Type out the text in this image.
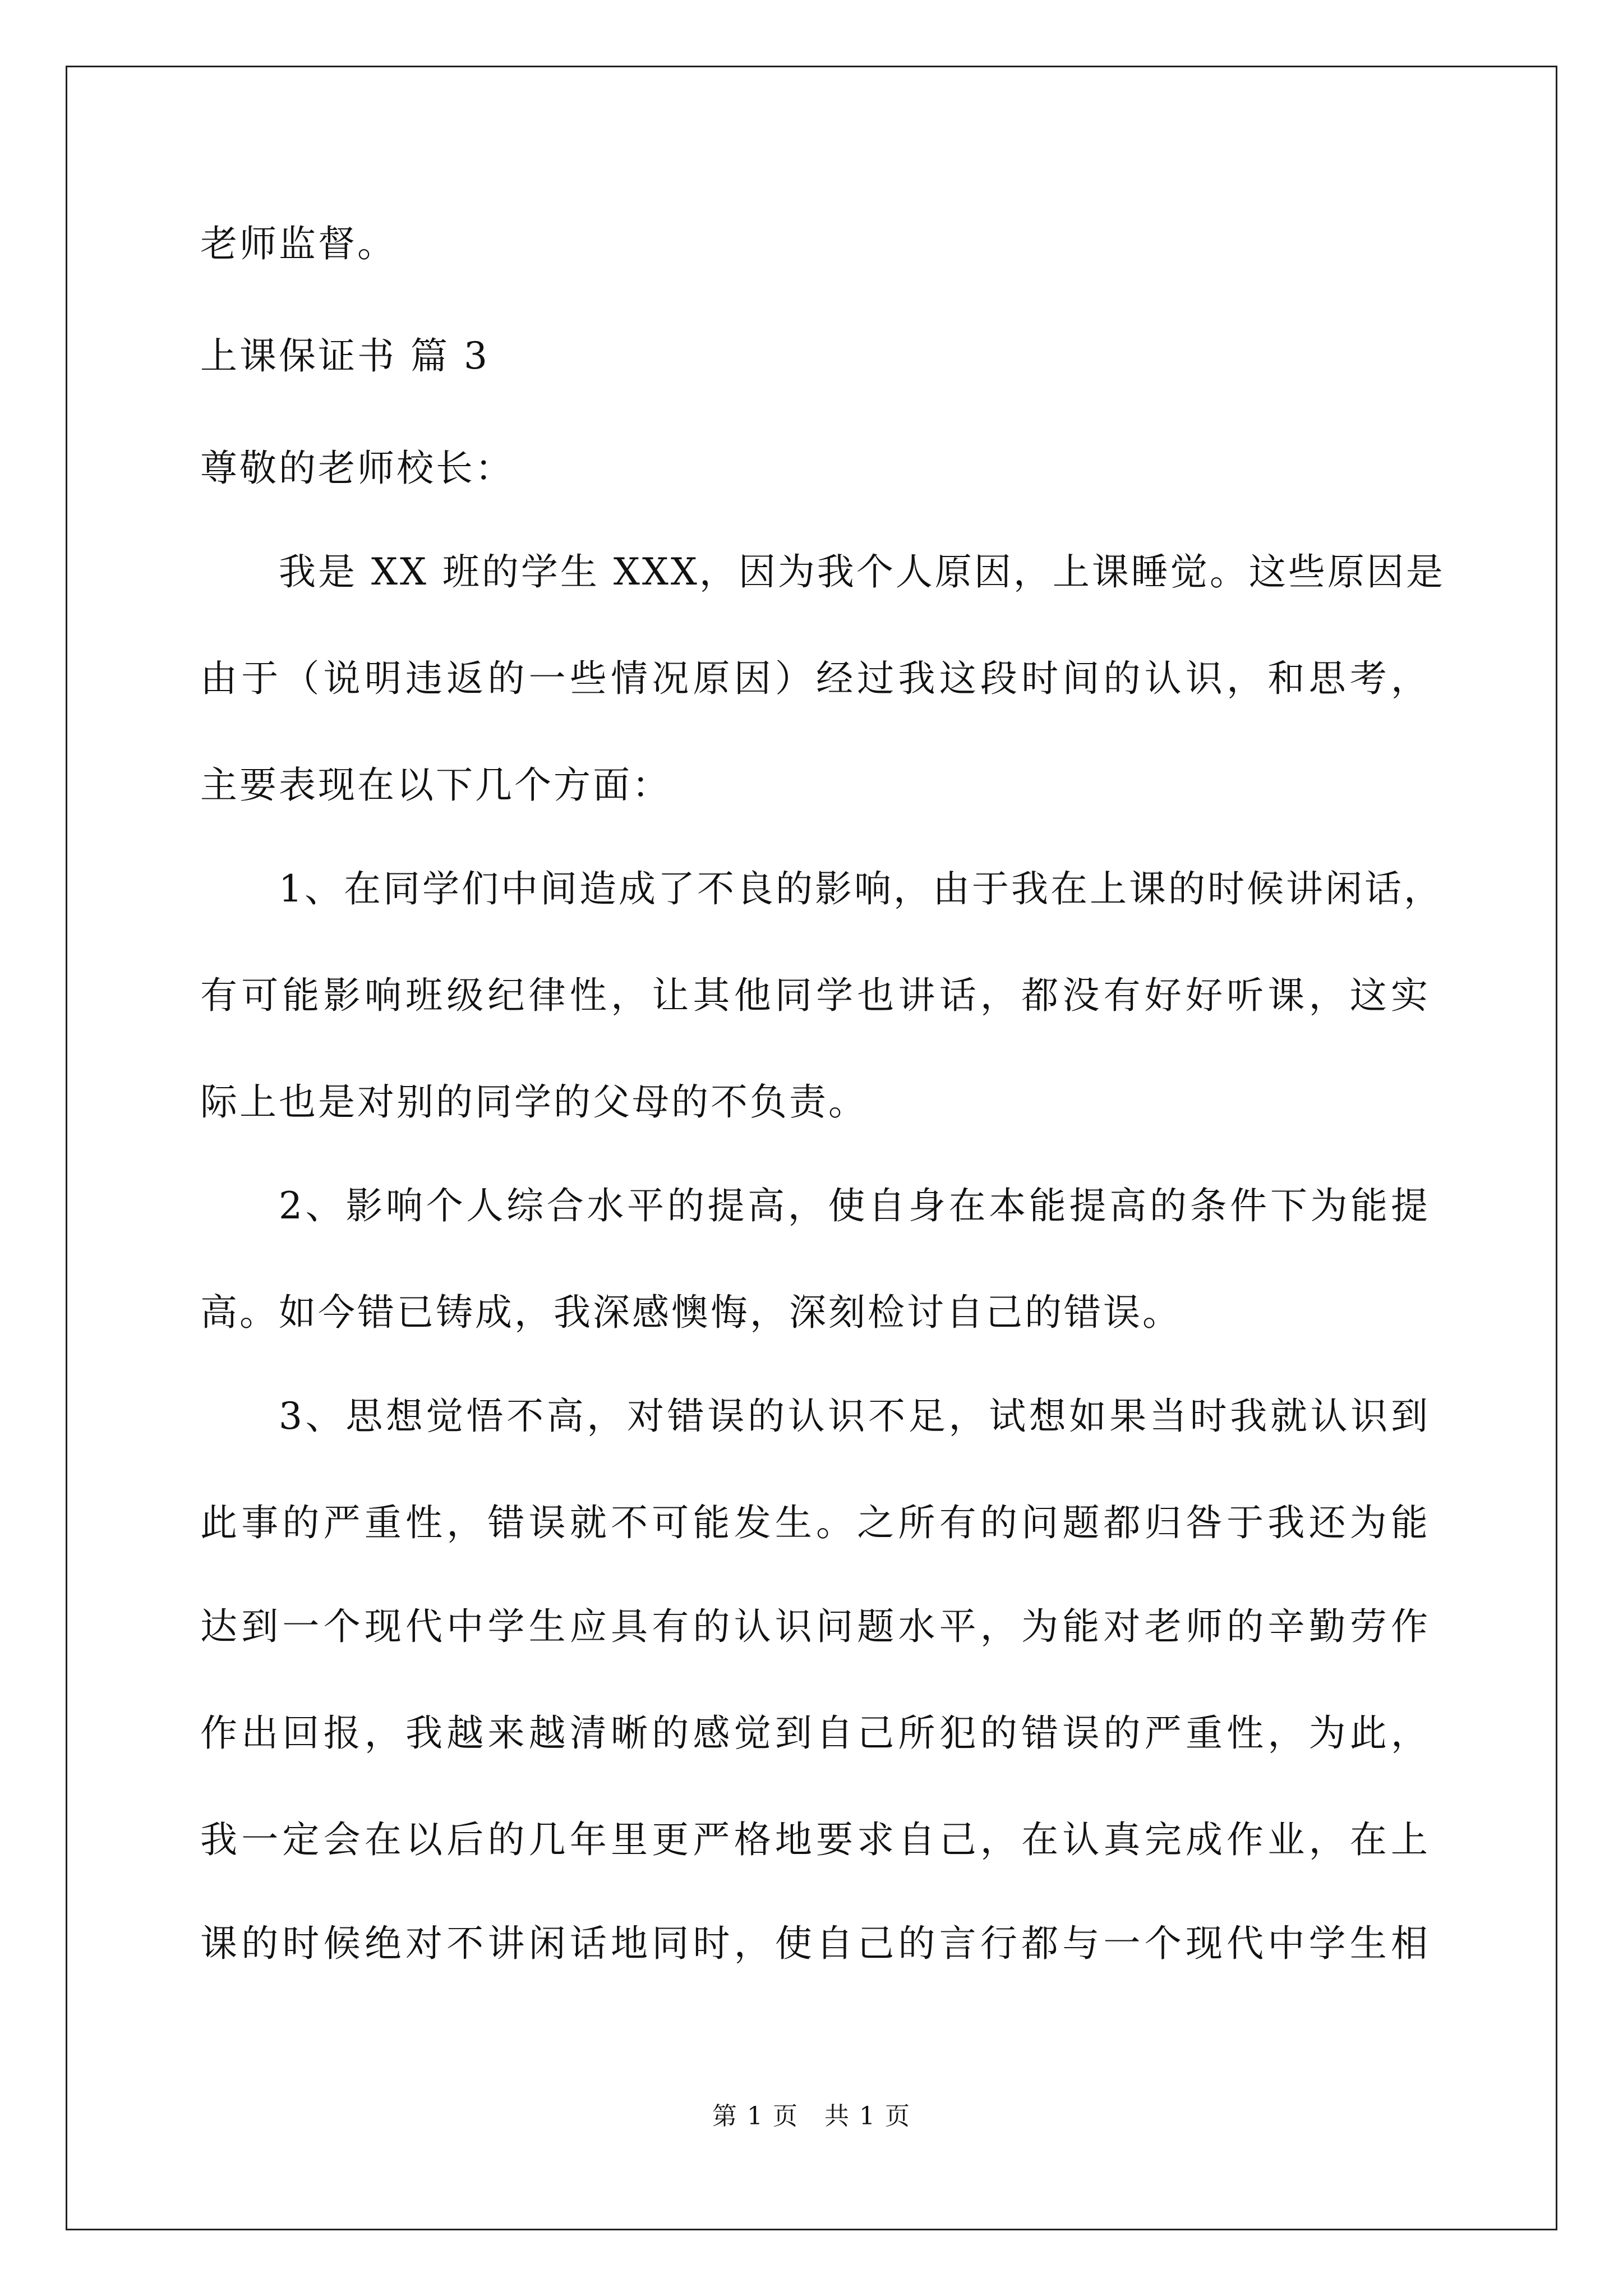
老师监督。
上课保证书 篇 3
尊敬的老师校长：
我是 XX 班的学生 XXX，因为我个人原因，上课睡觉。这些原因是
由于（说明违返的一些情况原因）经过我这段时间的认识，和思考，
主要表现在以下几个方面：
1、在同学们中间造成了不良的影响，由于我在上课的时候讲闲话，
有可能影响班级纪律性，让其他同学也讲话，都没有好好听课，这实
际上也是对别的同学的父母的不负责。
2、影响个人综合水平的提高，使自身在本能提高的条件下为能提
高。如今错已铸成，我深感懊悔，深刻检讨自己的错误。
3、思想觉悟不高，对错误的认识不足，试想如果当时我就认识到
此事的严重性，错误就不可能发生。之所有的问题都归咎于我还为能
达到一个现代中学生应具有的认识问题水平，为能对老师的辛勤劳作
作出回报，我越来越清晰的感觉到自己所犯的错误的严重性，为此，
我一定会在以后的几年里更严格地要求自己，在认真完成作业，在上
课的时候绝对不讲闲话地同时，使自己的言行都与一个现代中学生相
第 1 页　共 1 页
